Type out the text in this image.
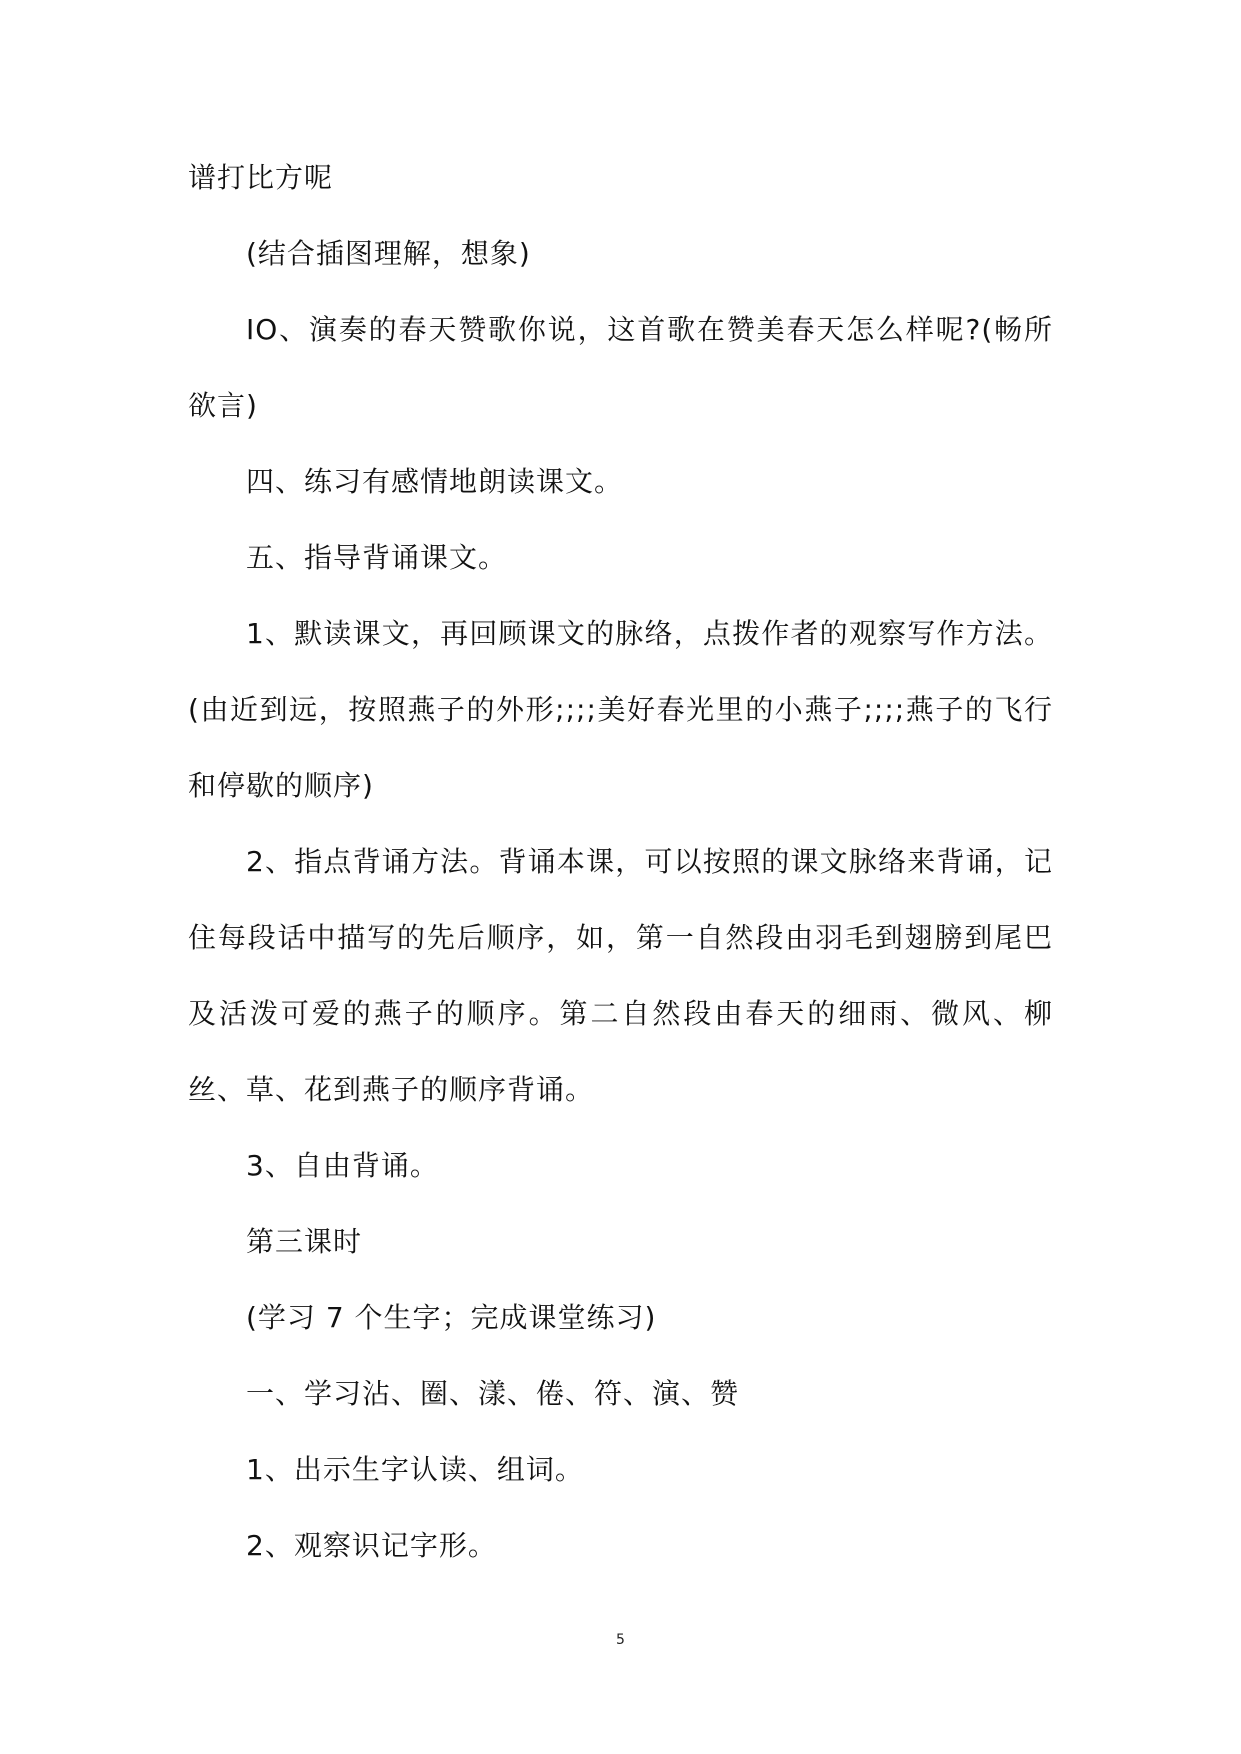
谱打比方呢

(结合插图理解，想象)

IO、演奏的春天赞歌你说，这首歌在赞美春天怎么样呢?(畅所欲言)

四、练习有感情地朗读课文。

五、指导背诵课文。

1、默读课文，再回顾课文的脉络，点拨作者的观察写作方法。(由近到远，按照燕子的外形;;;;美好春光里的小燕子;;;;燕子的飞行和停歇的顺序)

2、指点背诵方法。背诵本课，可以按照的课文脉络来背诵，记住每段话中描写的先后顺序，如，第一自然段由羽毛到翅膀到尾巴及活泼可爱的燕子的顺序。第二自然段由春天的细雨、微风、柳丝、草、花到燕子的顺序背诵。

3、自由背诵。

第三课时

(学习 7 个生字；完成课堂练习)

一、学习沾、圈、漾、倦、符、演、赞

1、出示生字认读、组词。

2、观察识记字形。

5
